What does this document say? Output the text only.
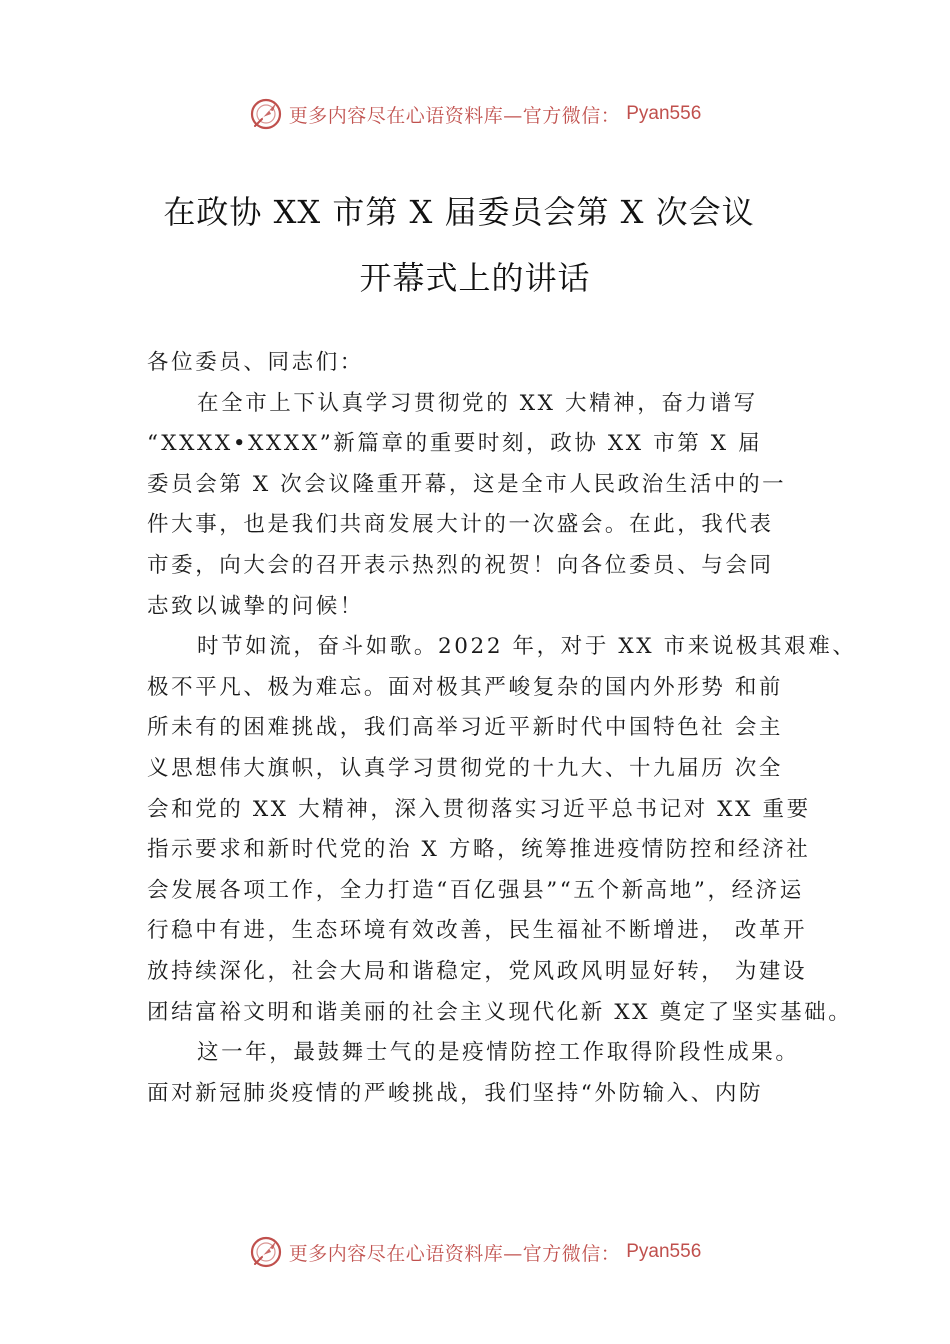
更多内容尽在心语资料库—官方微信： Pyan556
在政协 XX 市第 X 届委员会第 X 次会议
开幕式上的讲话
各位委员、同志们：
在全市上下认真学习贯彻党的 XX 大精神，奋力谱写
“XXXX•XXXX”新篇章的重要时刻，政协 XX 市第 X 届
委员会第 X 次会议隆重开幕，这是全市人民政治生活中的一
件大事，也是我们共商发展大计的一次盛会。在此，我代表
市委，向大会的召开表示热烈的祝贺！向各位委员、与会同
志致以诚挚的问候！
时节如流，奋斗如歌。2022 年，对于 XX 市来说极其艰难、
极不平凡、极为难忘。面对极其严峻复杂的国内外形势 和前
所未有的困难挑战，我们高举习近平新时代中国特色社 会主
义思想伟大旗帜，认真学习贯彻党的十九大、十九届历 次全
会和党的 XX 大精神，深入贯彻落实习近平总书记对 XX 重要
指示要求和新时代党的治 X 方略，统筹推进疫情防控和经济社
会发展各项工作，全力打造“百亿强县”“五个新高地”，经济运
行稳中有进，生态环境有效改善，民生福祉不断增进， 改革开
放持续深化，社会大局和谐稳定，党风政风明显好转， 为建设
团结富裕文明和谐美丽的社会主义现代化新 XX 奠定了坚实基础。
这一年，最鼓舞士气的是疫情防控工作取得阶段性成果。
面对新冠肺炎疫情的严峻挑战，我们坚持“外防输入、内防
更多内容尽在心语资料库—官方微信： Pyan556
